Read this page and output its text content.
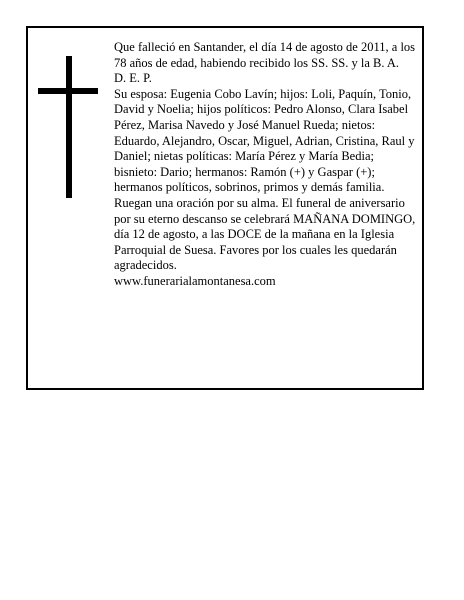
Que falleció en Santander, el día 14 de agosto de 2011, a los 78 años de edad, habiendo recibido los SS. SS. y la B. A.

D. E. P.

Su esposa: Eugenia Cobo Lavín; hijos: Loli, Paquín, Tonio, David y Noelia; hijos políticos: Pedro Alonso, Clara Isabel Pérez, Marisa Navedo y José Manuel Rueda; nietos: Eduardo, Alejandro, Oscar, Miguel, Adrian, Cristina, Raul y Daniel; nietas políticas: María Pérez y María Bedia; bisnieto: Dario; hermanos: Ramón (+) y Gaspar (+); hermanos políticos, sobrinos, primos y demás familia.

Ruegan una oración por su alma. El funeral de aniversario por su eterno descanso se celebrará MAÑANA DOMINGO, día 12 de agosto, a las DOCE de la mañana en la Iglesia Parroquial de Suesa. Favores por los cuales les quedarán agradecidos.

www.funerarialamontanesa.com
